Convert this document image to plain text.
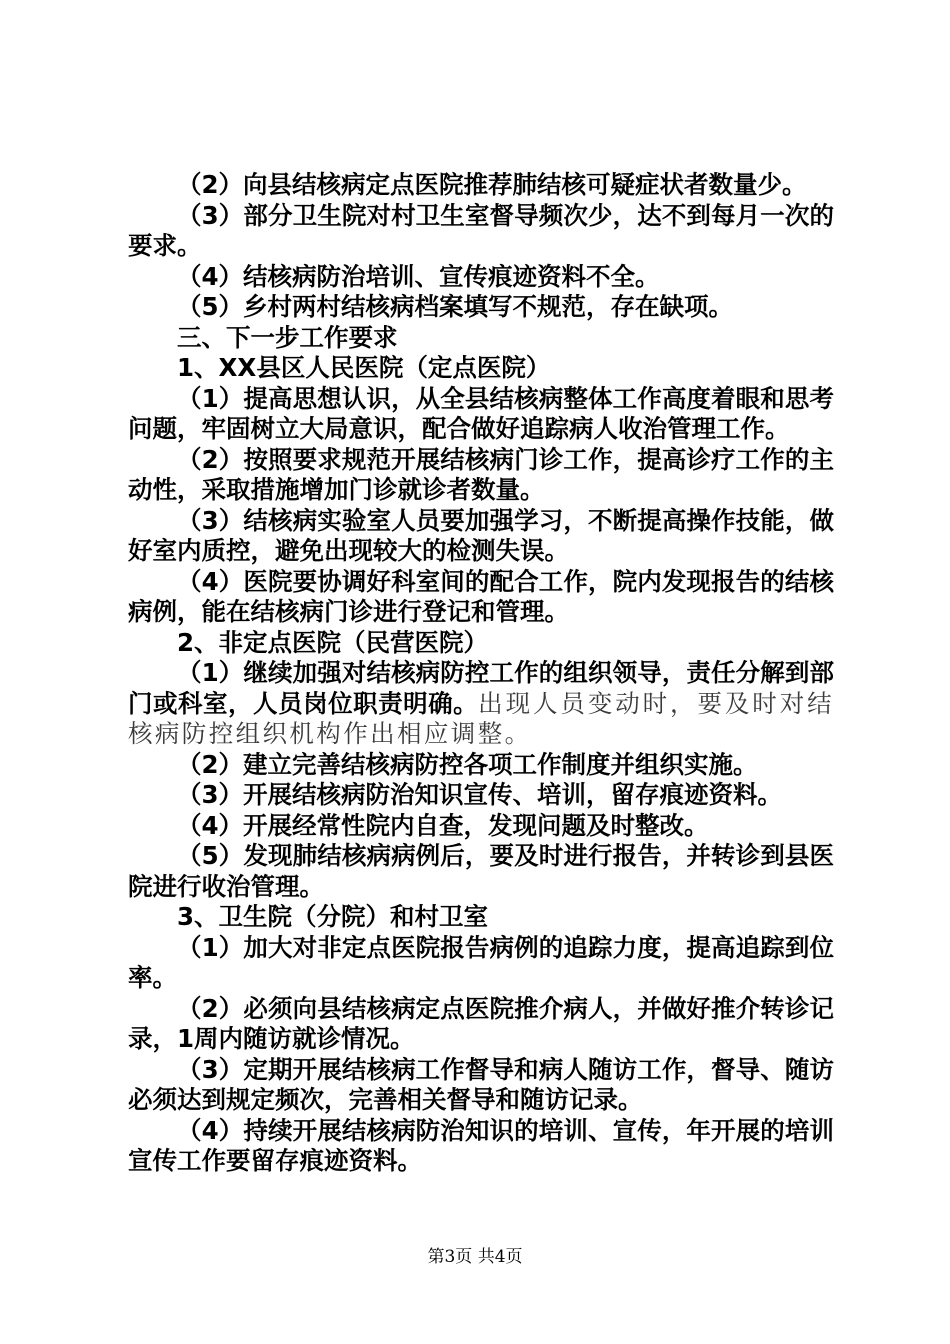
（2）向县结核病定点医院推荐肺结核可疑症状者数量少。

（3）部分卫生院对村卫生室督导频次少，达不到每月一次的要求。

（4）结核病防治培训、宣传痕迹资料不全。

（5）乡村两村结核病档案填写不规范，存在缺项。

三、下一步工作要求

1、XX县区人民医院（定点医院）

（1）提高思想认识，从全县结核病整体工作高度着眼和思考问题，牢固树立大局意识，配合做好追踪病人收治管理工作。

（2）按照要求规范开展结核病门诊工作，提高诊疗工作的主动性，采取措施增加门诊就诊者数量。

（3）结核病实验室人员要加强学习，不断提高操作技能，做好室内质控，避免出现较大的检测失误。

（4）医院要协调好科室间的配合工作，院内发现报告的结核病例，能在结核病门诊进行登记和管理。

2、非定点医院（民营医院）

（1）继续加强对结核病防控工作的组织领导，责任分解到部门或科室，人员岗位职责明确。出现人员变动时，要及时对结核病防控组织机构作出相应调整。

（2）建立完善结核病防控各项工作制度并组织实施。

（3）开展结核病防治知识宣传、培训，留存痕迹资料。

（4）开展经常性院内自查，发现问题及时整改。

（5）发现肺结核病病例后，要及时进行报告，并转诊到县医院进行收治管理。

3、卫生院（分院）和村卫室

（1）加大对非定点医院报告病例的追踪力度，提高追踪到位率。

（2）必须向县结核病定点医院推介病人，并做好推介转诊记录，1周内随访就诊情况。

（3）定期开展结核病工作督导和病人随访工作，督导、随访必须达到规定频次，完善相关督导和随访记录。

（4）持续开展结核病防治知识的培训、宣传，年开展的培训宣传工作要留存痕迹资料。

第3页 共4页
